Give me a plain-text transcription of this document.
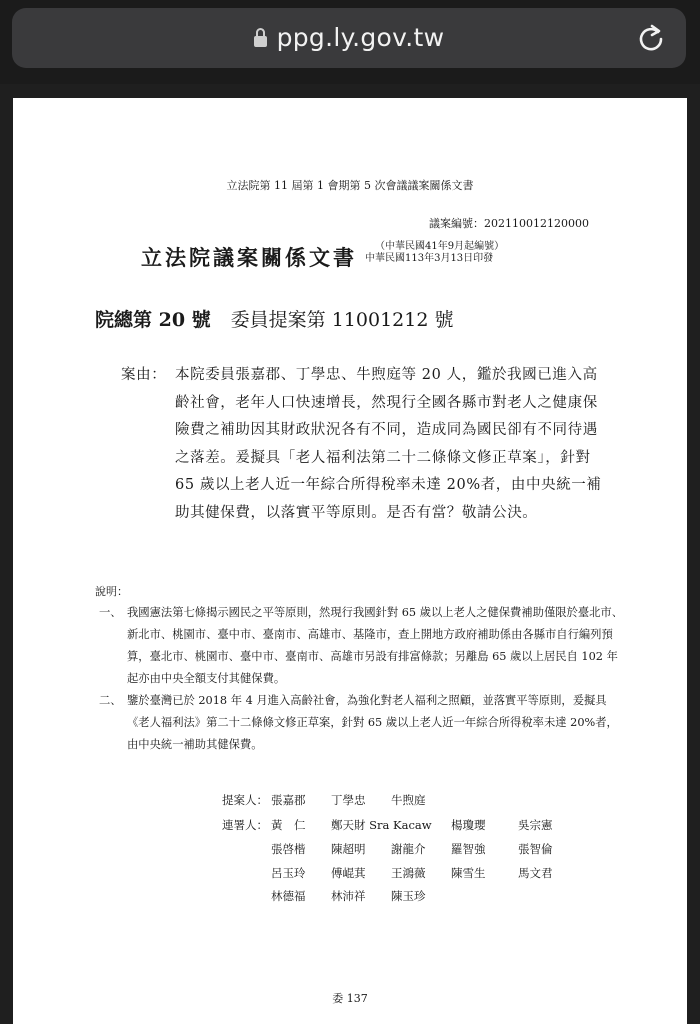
ppg.ly.gov.tw
立法院第 11 屆第 1 會期第 5 次會議議案關係文書
議案編號：202110012120000
立法院議案關係文書	（中華民國41年9月起編號）
中華民國113年3月13日印發
院總第 20 號 委員提案第 11001212 號
案由： 本院委員張嘉郡、丁學忠、牛煦庭等 20 人，鑑於我國已進入高齡社會，老年人口快速增長，然現行全國各縣市對老人之健康保險費之補助因其財政狀況各有不同，造成同為國民卻有不同待遇之落差。爰擬具「老人福利法第二十二條條文修正草案」，針對 65 歲以上老人近一年綜合所得稅率未達 20%者，由中央統一補助其健保費，以落實平等原則。是否有當？敬請公決。
說明：
一、 我國憲法第七條揭示國民之平等原則，然現行我國針對 65 歲以上老人之健保費補助僅限於臺北市、新北市、桃園市、臺中市、臺南市、高雄市、基隆市，查上開地方政府補助係由各縣市自行編列預算，臺北市、桃園市、臺中市、臺南市、高雄市另設有排富條款；另離島 65 歲以上居民自 102 年起亦由中央全額支付其健保費。
二、 鑒於臺灣已於 2018 年 4 月進入高齡社會，為強化對老人福利之照顧，並落實平等原則，爰擬具《老人福利法》第二十二條條文修正草案，針對 65 歲以上老人近一年綜合所得稅率未達 20%者，由中央統一補助其健保費。
提案人： 張嘉郡 丁學忠 牛煦庭
連署人： 黃　仁 鄭天財 Sra Kacaw 楊瓊瓔	吳宗憲
張啓楷 陳超明 謝龍介 羅智強	張智倫
呂玉玲 傅崐萁 王鴻薇 陳雪生	馬文君
林德福 林沛祥 陳玉珍
委 137
